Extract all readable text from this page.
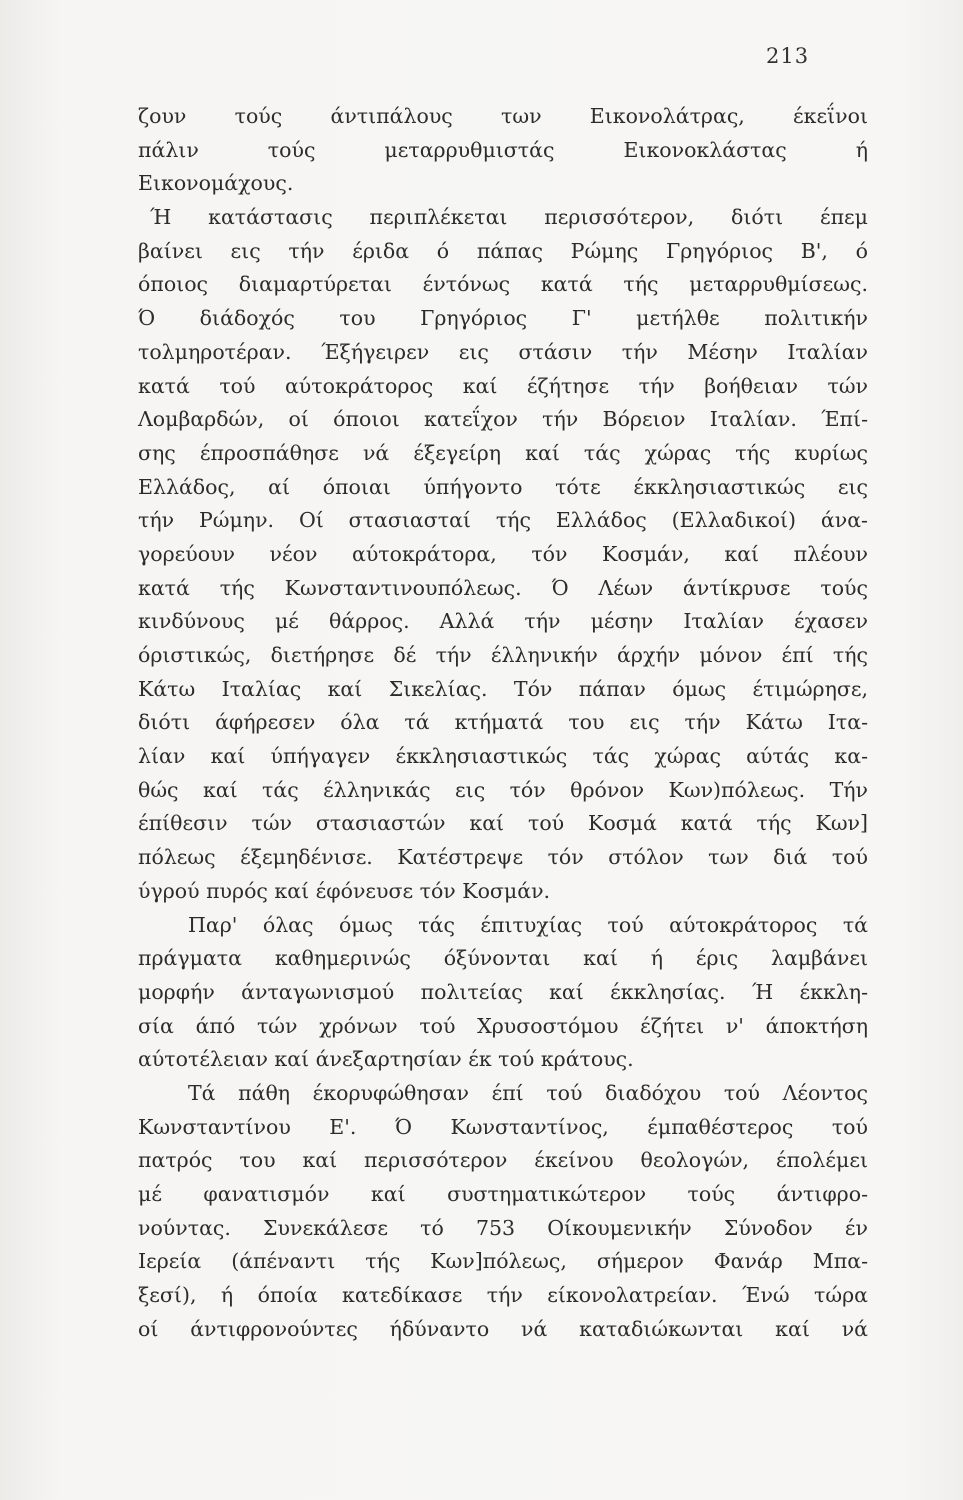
213
ζουν τούς άντιπάλους των Εικονολάτρας, έκεΐνοι
πάλιν τούς μεταρρυθμιστάς Εικονοκλάστας ή
Εικονομάχους.
Ή κατάστασις περιπλέκεται περισσότερον, διότι έπεμ
βαίνει εις τήν έριδα ό πάπας Ρώμης Γρηγόριος Β', ό
όποιος διαμαρτύρεται έντόνως κατά τής μεταρρυθμίσεως.
Ό διάδοχός του Γρηγόριος Γ' μετήλθε πολιτικήν
τολμηροτέραν. Έξήγειρεν εις στάσιν τήν Μέσην Ιταλίαν
κατά τού αύτοκράτορος καί έζήτησε τήν βοήθειαν τών
Λομβαρδών, οί όποιοι κατεΐχον τήν Βόρειον Ιταλίαν. Έπί-
σης έπροσπάθησε νά έξεγείρη καί τάς χώρας τής κυρίως
Ελλάδος, αί όποιαι ύπήγοντο τότε έκκλησιαστικώς εις
τήν Ρώμην. Οί στασιασταί τής Ελλάδος (Ελλαδικοί) άνα-
γορεύουν νέον αύτοκράτορα, τόν Κοσμάν, καί πλέουν
κατά τής Κωνσταντινουπόλεως. Ό Λέων άντίκρυσε τούς
κινδύνους μέ θάρρος. Αλλά τήν μέσην Ιταλίαν έχασεν
όριστικώς, διετήρησε δέ τήν έλληνικήν άρχήν μόνον έπί τής
Κάτω Ιταλίας καί Σικελίας. Τόν πάπαν όμως έτιμώρησε,
διότι άφήρεσεν όλα τά κτήματά του εις τήν Κάτω Ιτα-
λίαν καί ύπήγαγεν έκκλησιαστικώς τάς χώρας αύτάς κα-
θώς καί τάς έλληνικάς εις τόν θρόνον Κων)πόλεως. Τήν
έπίθεσιν τών στασιαστών καί τού Κοσμά κατά τής Κων]
πόλεως έξεμηδένισε. Κατέστρεψε τόν στόλον των διά τού
ύγρού πυρός καί έφόνευσε τόν Κοσμάν.
Παρ' όλας όμως τάς έπιτυχίας τού αύτοκράτορος τά
πράγματα καθημερινώς όξύνονται καί ή έρις λαμβάνει
μορφήν άνταγωνισμού πολιτείας καί έκκλησίας. Ή έκκλη-
σία άπό τών χρόνων τού Χρυσοστόμου έζήτει ν' άποκτήση
αύτοτέλειαν καί άνεξαρτησίαν έκ τού κράτους.
Τά πάθη έκορυφώθησαν έπί τού διαδόχου τού Λέοντος
Κωνσταντίνου Ε'. Ό Κωνσταντίνος, έμπαθέστερος τού
πατρός του καί περισσότερον έκείνου θεολογών, έπολέμει
μέ φανατισμόν καί συστηματικώτερον τούς άντιφρο-
νούντας. Συνεκάλεσε τό 753 Οίκουμενικήν Σύνοδον έν
Ιερεία (άπέναντι τής Κων]πόλεως, σήμερον Φανάρ Μπα-
ξεσί), ή όποία κατεδίκασε τήν είκονολατρείαν. Ένώ τώρα
οί άντιφρονούντες ήδύναντο νά καταδιώκωνται καί νά
